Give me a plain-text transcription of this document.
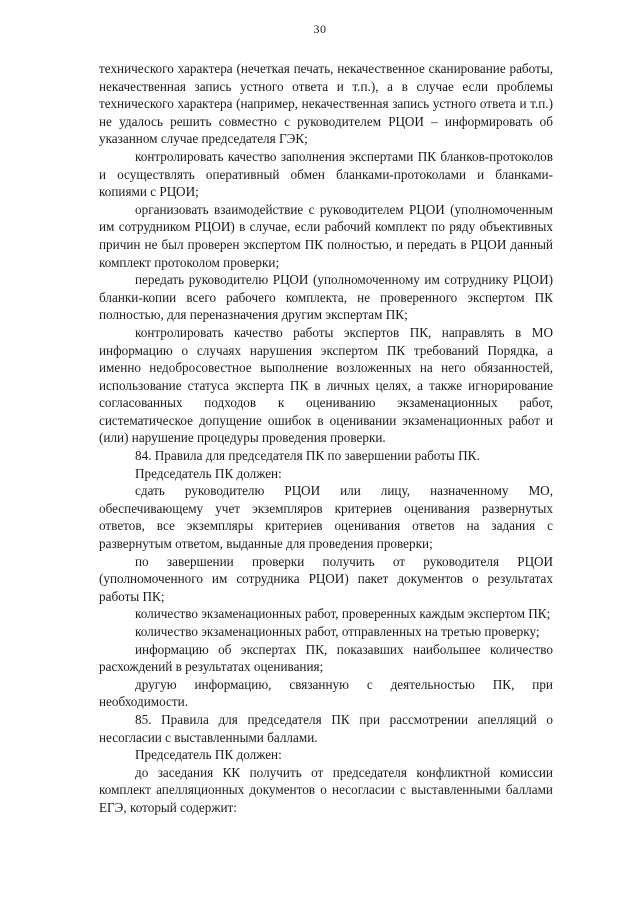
30

технического характера (нечеткая печать, некачественное сканирование работы, некачественная запись устного ответа и т.п.), а в случае если проблемы технического характера (например, некачественная запись устного ответа и т.п.) не удалось решить совместно с руководителем РЦОИ – информировать об указанном случае председателя ГЭК;

контролировать качество заполнения экспертами ПК бланков-протоколов и осуществлять оперативный обмен бланками-протоколами и бланками-копиями с РЦОИ;

организовать взаимодействие с руководителем РЦОИ (уполномоченным им сотрудником РЦОИ) в случае, если рабочий комплект по ряду объективных причин не был проверен экспертом ПК полностью, и передать в РЦОИ данный комплект протоколом проверки;

передать руководителю РЦОИ (уполномоченному им сотруднику РЦОИ) бланки-копии всего рабочего комплекта, не проверенного экспертом ПК полностью, для переназначения другим экспертам ПК;

контролировать качество работы экспертов ПК, направлять в МО информацию о случаях нарушения экспертом ПК требований Порядка, а именно недобросовестное выполнение возложенных на него обязанностей, использование статуса эксперта ПК в личных целях, а также игнорирование согласованных подходов к оцениванию экзаменационных работ, систематическое допущение ошибок в оценивании экзаменационных работ и (или) нарушение процедуры проведения проверки.

84. Правила для председателя ПК по завершении работы ПК.

Председатель ПК должен:

сдать руководителю РЦОИ или лицу, назначенному МО, обеспечивающему учет экземпляров критериев оценивания развернутых ответов, все экземпляры критериев оценивания ответов на задания с развернутым ответом, выданные для проведения проверки;

по завершении проверки получить от руководителя РЦОИ (уполномоченного им сотрудника РЦОИ) пакет документов о результатах работы ПК;

количество экзаменационных работ, проверенных каждым экспертом ПК;

количество экзаменационных работ, отправленных на третью проверку;

информацию об экспертах ПК, показавших наибольшее количество расхождений в результатах оценивания;

другую информацию, связанную с деятельностью ПК, при необходимости.

85. Правила для председателя ПК при рассмотрении апелляций о несогласии с выставленными баллами.

Председатель ПК должен:

до заседания КК получить от председателя конфликтной комиссии комплект апелляционных документов о несогласии с выставленными баллами ЕГЭ, который содержит:
